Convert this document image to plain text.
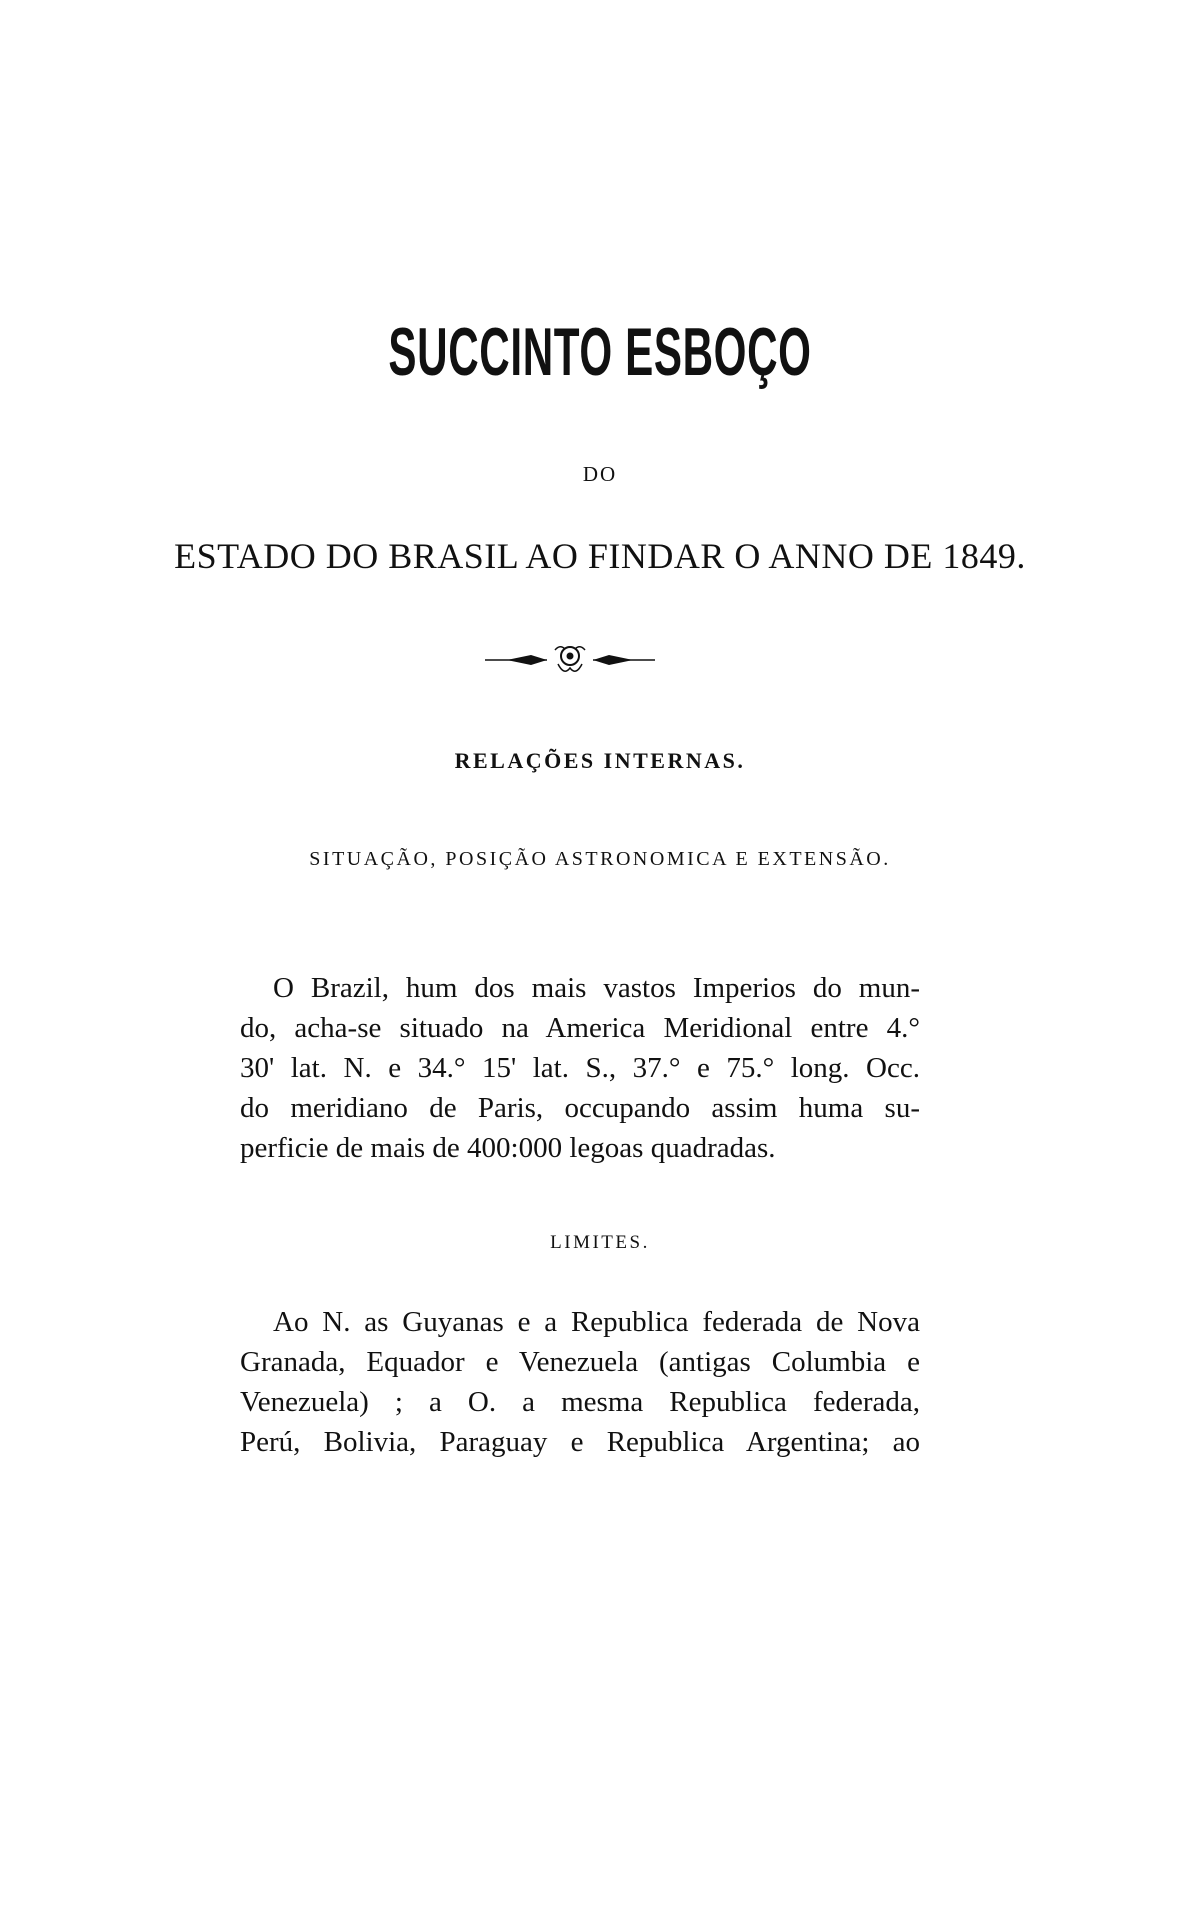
SUCCINTO ESBOÇO
DO
ESTADO DO BRASIL AO FINDAR O ANNO DE 1849.
RELAÇÕES INTERNAS.
SITUAÇÃO, POSIÇÃO ASTRONOMICA E EXTENSÃO.

O Brazil, hum dos mais vastos Imperios do mun-
do, acha-se situado na America Meridional entre 4.°
30' lat. N. e 34.° 15' lat. S., 37.° e 75.° long. Occ.
do meridiano de Paris, occupando assim huma su-
perficie de mais de 400:000 legoas quadradas.

LIMITES.

Ao N. as Guyanas e a Republica federada de Nova
Granada, Equador e Venezuela (antigas Columbia e
Venezuela) ; a O. a mesma Republica federada,
Perú, Bolivia, Paraguay e Republica Argentina; ao
